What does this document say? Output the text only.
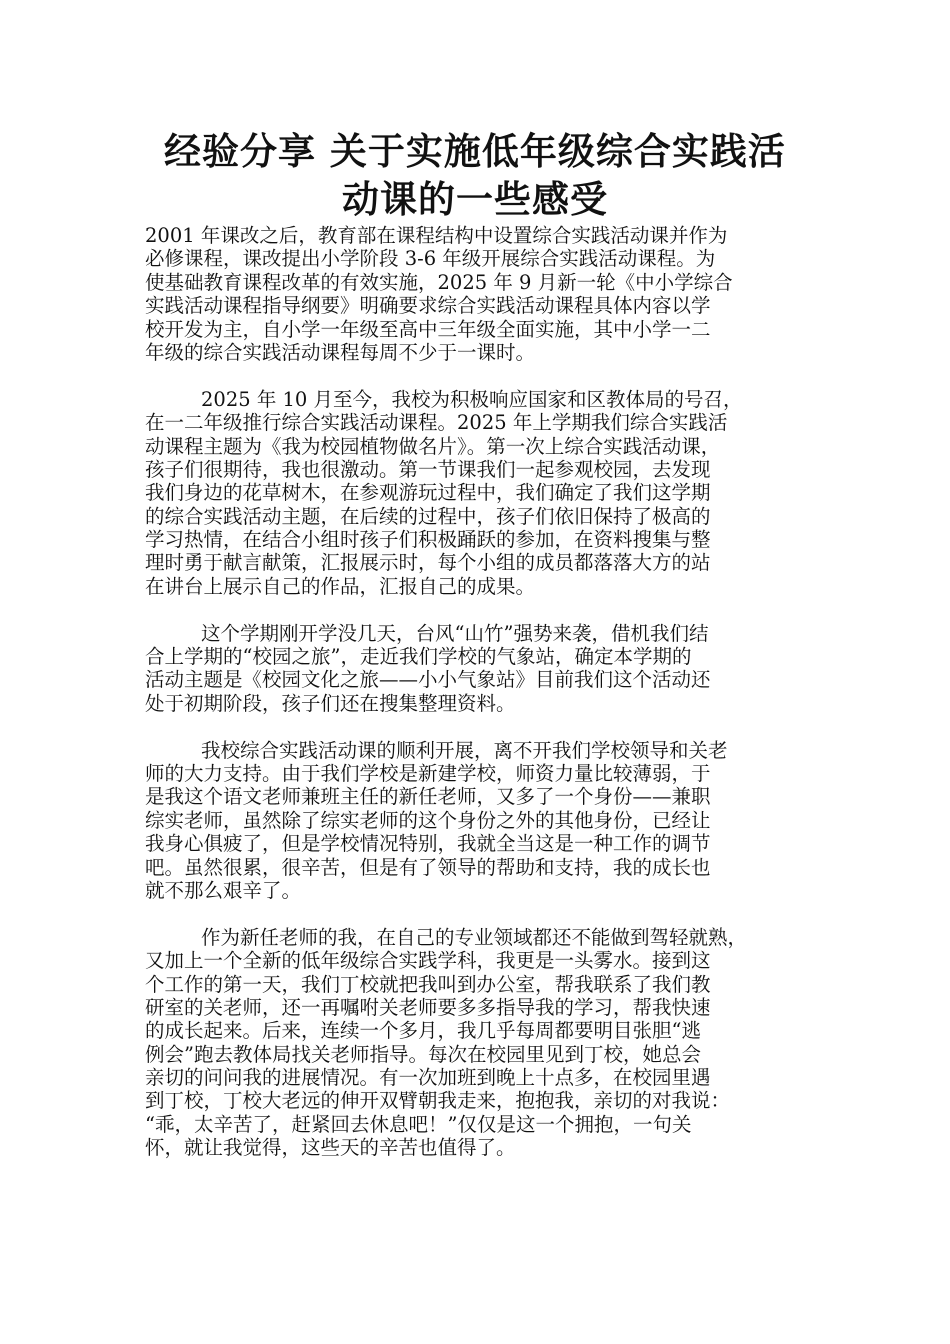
经验分享 关于实施低年级综合实践活
动课的一些感受
2001 年课改之后，教育部在课程结构中设置综合实践活动课并作为
必修课程，课改提出小学阶段 3-6 年级开展综合实践活动课程。为
使基础教育课程改革的有效实施，2025 年 9 月新一轮《中小学综合
实践活动课程指导纲要》明确要求综合实践活动课程具体内容以学
校开发为主，自小学一年级至高中三年级全面实施，其中小学一二
年级的综合实践活动课程每周不少于一课时。
2025 年 10 月至今，我校为积极响应国家和区教体局的号召，
在一二年级推行综合实践活动课程。2025 年上学期我们综合实践活
动课程主题为《我为校园植物做名片》。第一次上综合实践活动课，
孩子们很期待，我也很激动。第一节课我们一起参观校园，去发现
我们身边的花草树木，在参观游玩过程中，我们确定了我们这学期
的综合实践活动主题，在后续的过程中，孩子们依旧保持了极高的
学习热情，在结合小组时孩子们积极踊跃的参加，在资料搜集与整
理时勇于献言献策，汇报展示时，每个小组的成员都落落大方的站
在讲台上展示自己的作品，汇报自己的成果。
这个学期刚开学没几天，台风“山竹”强势来袭，借机我们结
合上学期的“校园之旅”，走近我们学校的气象站，确定本学期的
活动主题是《校园文化之旅——小小气象站》目前我们这个活动还
处于初期阶段，孩子们还在搜集整理资料。
我校综合实践活动课的顺利开展，离不开我们学校领导和关老
师的大力支持。由于我们学校是新建学校，师资力量比较薄弱，于
是我这个语文老师兼班主任的新任老师，又多了一个身份——兼职
综实老师，虽然除了综实老师的这个身份之外的其他身份，已经让
我身心俱疲了，但是学校情况特别，我就全当这是一种工作的调节
吧。虽然很累，很辛苦，但是有了领导的帮助和支持，我的成长也
就不那么艰辛了。
作为新任老师的我，在自己的专业领域都还不能做到驾轻就熟，
又加上一个全新的低年级综合实践学科，我更是一头雾水。接到这
个工作的第一天，我们丁校就把我叫到办公室，帮我联系了我们教
研室的关老师，还一再嘱咐关老师要多多指导我的学习，帮我快速
的成长起来。后来，连续一个多月，我几乎每周都要明目张胆“逃
例会”跑去教体局找关老师指导。每次在校园里见到丁校，她总会
亲切的问问我的进展情况。有一次加班到晚上十点多，在校园里遇
到丁校，丁校大老远的伸开双臂朝我走来，抱抱我，亲切的对我说：
“乖，太辛苦了，赶紧回去休息吧！”仅仅是这一个拥抱，一句关
怀，就让我觉得，这些天的辛苦也值得了。
